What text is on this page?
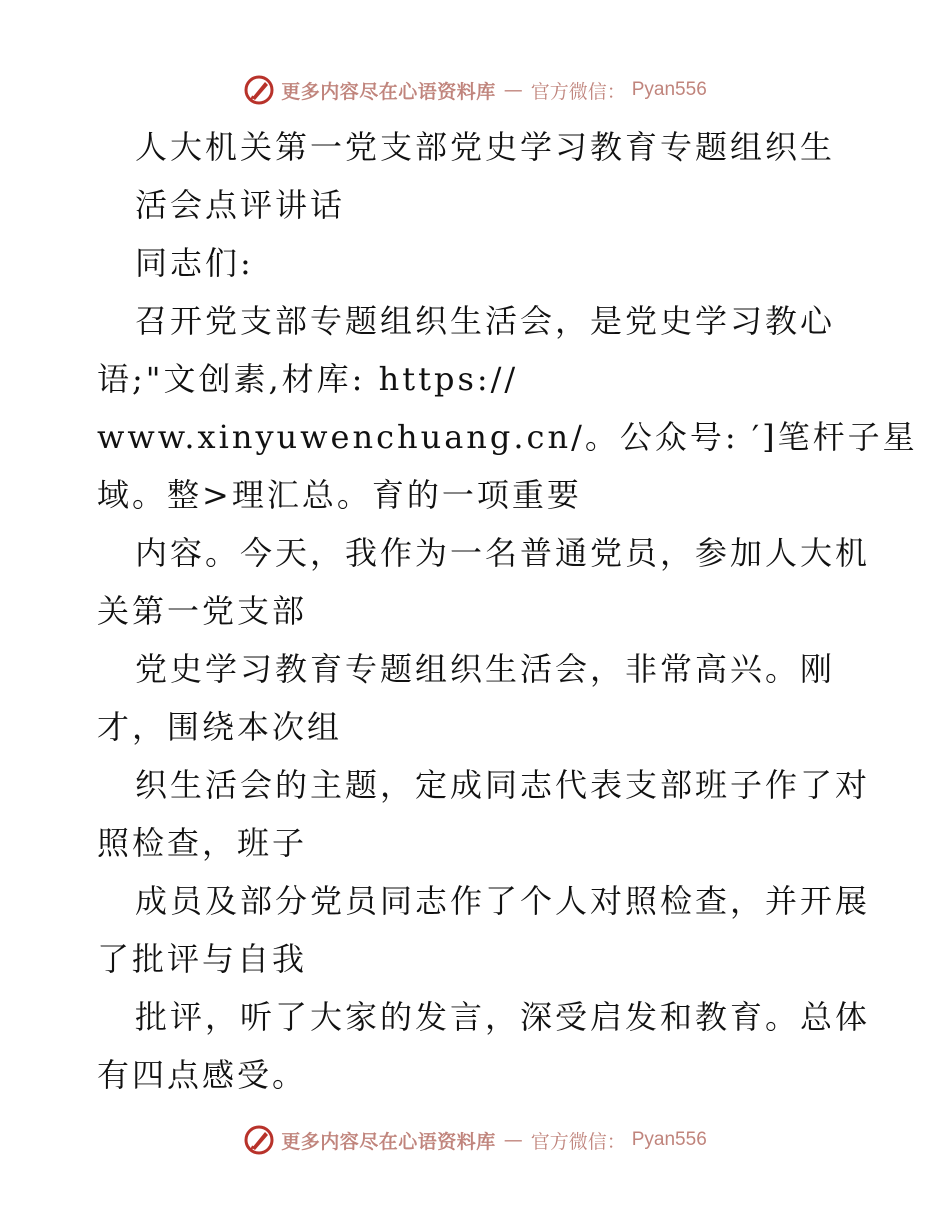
更多内容尽在心语资料库 — 官方微信： Pyan556
人大机关第一党支部党史学习教育专题组织生
活会点评讲话
同志们:
召开党支部专题组织生活会，是党史学习教心
语;"文创素,材库: https://
www.xinyuwenchuang.cn/。公众号: ′]笔杆子星
域。整>理汇总。育的一项重要
内容。今天，我作为一名普通党员，参加人大机
关第一党支部
党史学习教育专题组织生活会，非常高兴。刚
才，围绕本次组
织生活会的主题，定成同志代表支部班子作了对
照检查，班子
成员及部分党员同志作了个人对照检查，并开展
了批评与自我
批评，听了大家的发言，深受启发和教育。总体
有四点感受。
更多内容尽在心语资料库 — 官方微信： Pyan556
